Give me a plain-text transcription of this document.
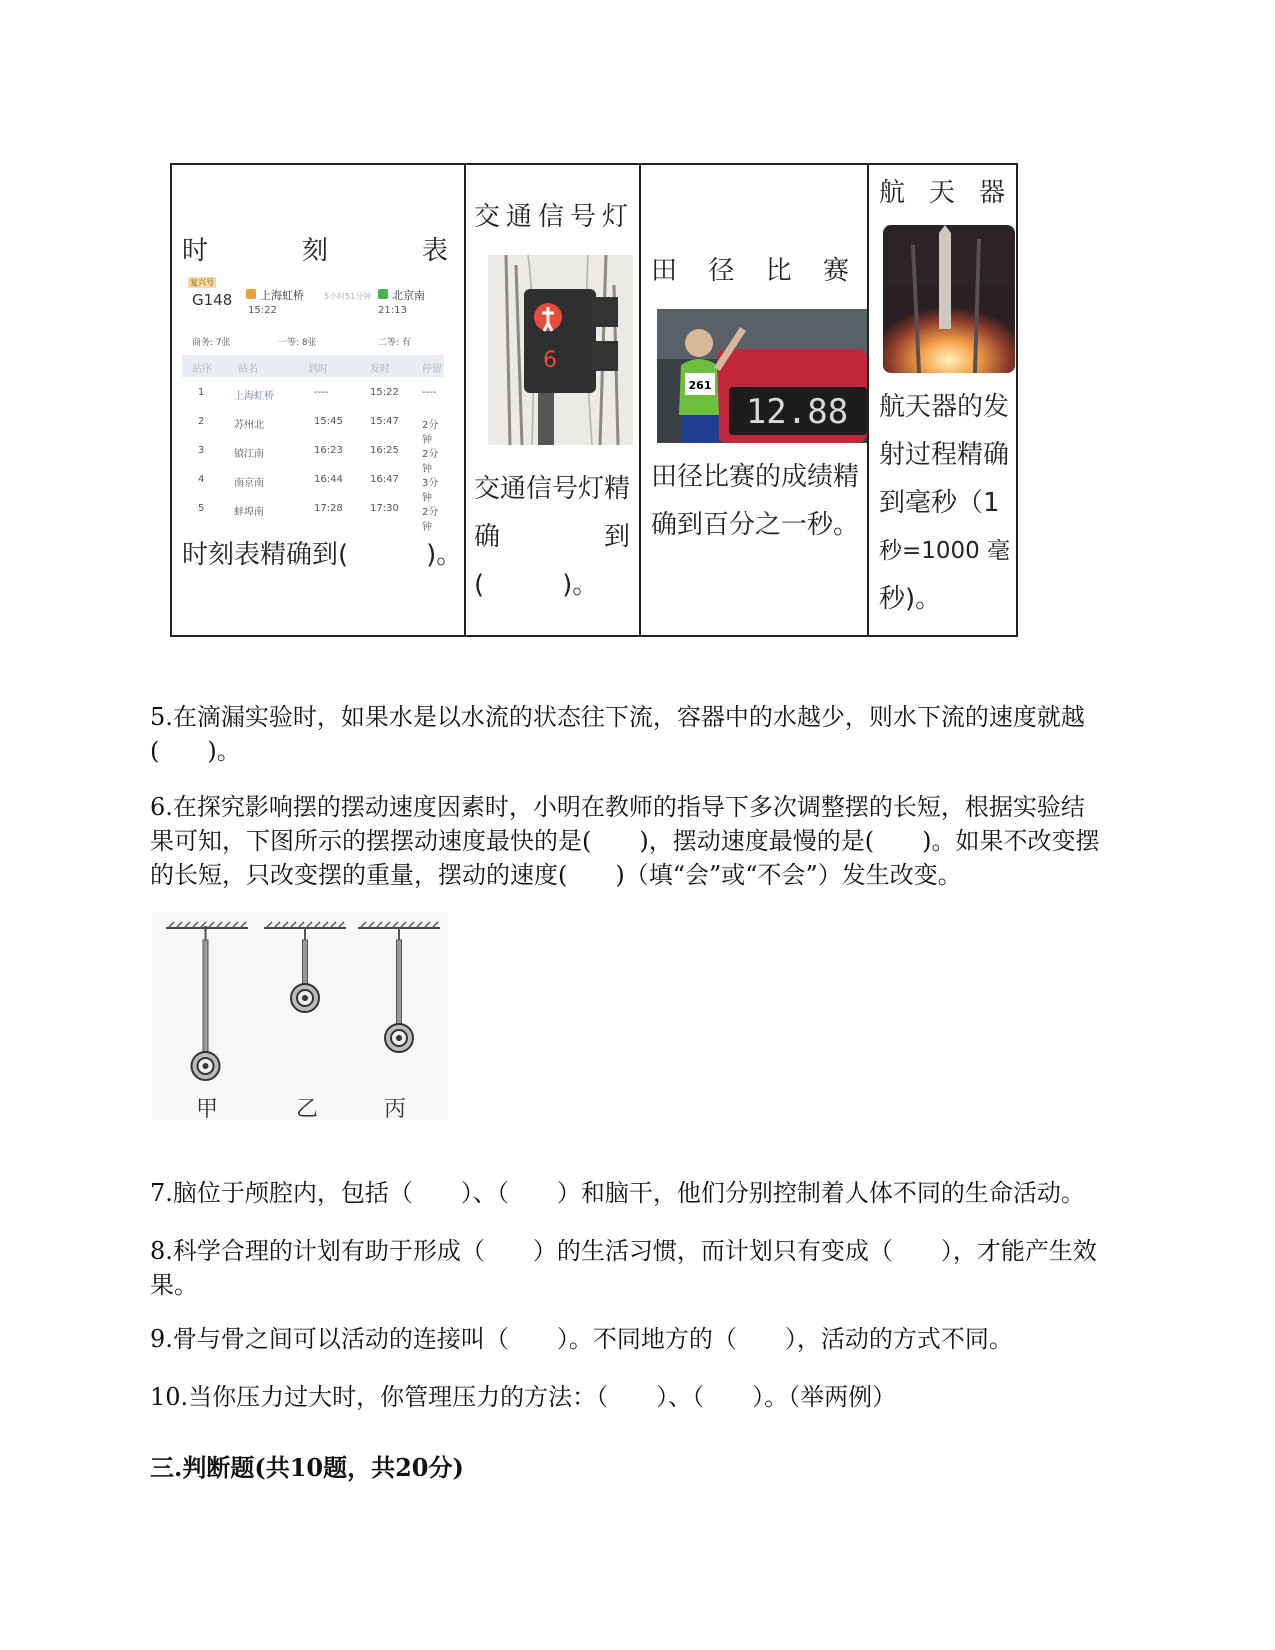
时	刻	表
复兴号
G148	上海虹桥
15:22
5小时51分钟 北京南
21:13
商务: 7张	一等: 8张	二等: 有
站序	站名	到时	发时	停留
1	上海虹桥	----	15:22 ----
2	苏州北	15:45	15:47 2分钟
3	镇江南	16:23	16:25 2分钟
4	南京南	16:44	16:47 3分钟
5	蚌埠南	17:28	17:30 2分钟
时刻表精确到(　　　)。
交通信号灯
6
交通信号灯精
确	到
(　　　)。
田 径 比 赛
12.88
261
田径比赛的成绩精
确到百分之一秒。
航 天 器
航天器的发
射过程精确
到毫秒（1
秒=1000 毫
秒)。
5.在滴漏实验时，如果水是以水流的状态往下流，容器中的水越少，则水下流的速度就越
(　　)。
6.在探究影响摆的摆动速度因素时，小明在教师的指导下多次调整摆的长短，根据实验结
果可知，下图所示的摆摆动速度最快的是(　　)，摆动速度最慢的是(　　)。如果不改变摆
的长短，只改变摆的重量，摆动的速度(　　)（填“会”或“不会”）发生改变。
甲	乙	丙
7.脑位于颅腔内，包括（　　）、（　　）和脑干，他们分别控制着人体不同的生命活动。
8.科学合理的计划有助于形成（　　）的生活习惯，而计划只有变成（　　），才能产生效
果。
9.骨与骨之间可以活动的连接叫（　　）。不同地方的（　　），活动的方式不同。
10.当你压力过大时，你管理压力的方法：（　　）、（　　）。（举两例）
三.判断题(共10题，共20分)
